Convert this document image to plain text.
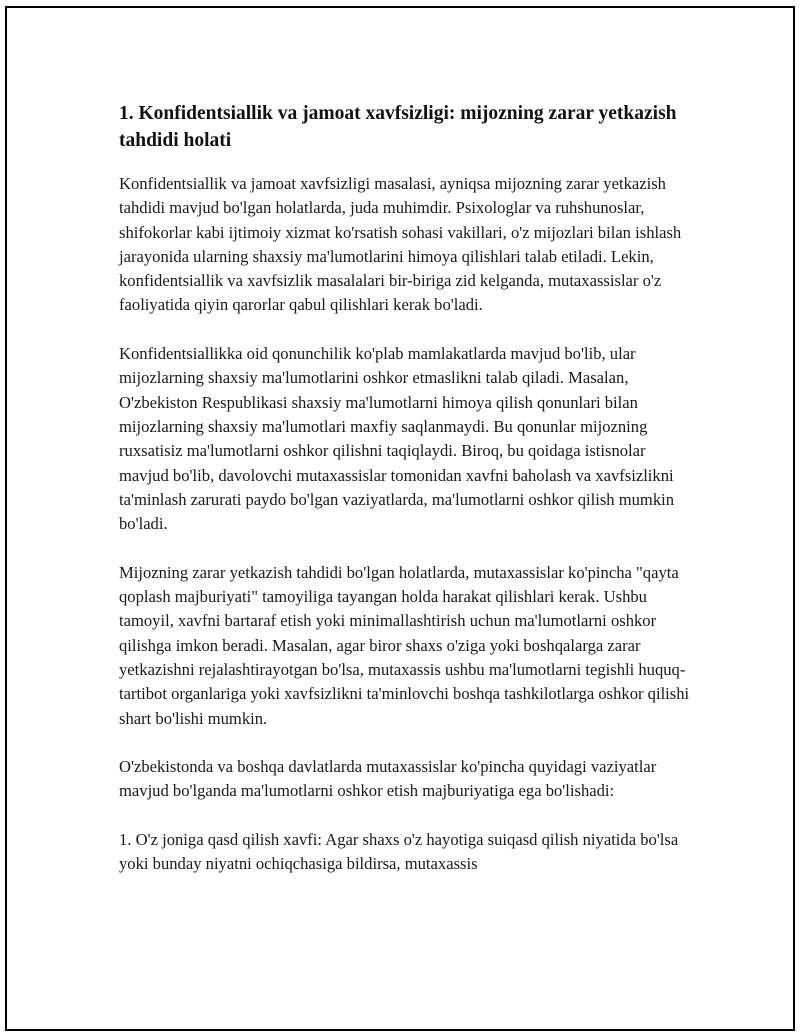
1. Konfidentsiallik va jamoat xavfsizligi: mijozning zarar yetkazish tahdidi holati

Konfidentsiallik va jamoat xavfsizligi masalasi, ayniqsa mijozning zarar yetkazish tahdidi mavjud bo'lgan holatlarda, juda muhimdir. Psixologlar va ruhshunoslar, shifokorlar kabi ijtimoiy xizmat ko'rsatish sohasi vakillari, o'z mijozlari bilan ishlash jarayonida ularning shaxsiy ma'lumotlarini himoya qilishlari talab etiladi. Lekin, konfidentsiallik va xavfsizlik masalalari bir-biriga zid kelganda, mutaxassislar o'z faoliyatida qiyin qarorlar qabul qilishlari kerak bo'ladi.

Konfidentsiallikka oid qonunchilik ko'plab mamlakatlarda mavjud bo'lib, ular mijozlarning shaxsiy ma'lumotlarini oshkor etmaslikni talab qiladi. Masalan, O'zbekiston Respublikasi shaxsiy ma'lumotlarni himoya qilish qonunlari bilan mijozlarning shaxsiy ma'lumotlari maxfiy saqlanmaydi. Bu qonunlar mijozning ruxsatisiz ma'lumotlarni oshkor qilishni taqiqlaydi. Biroq, bu qoidaga istisnolar mavjud bo'lib, davolovchi mutaxassislar tomonidan xavfni baholash va xavfsizlikni ta'minlash zarurati paydo bo'lgan vaziyatlarda, ma'lumotlarni oshkor qilish mumkin bo'ladi.

Mijozning zarar yetkazish tahdidi bo'lgan holatlarda, mutaxassislar ko'pincha "qayta qoplash majburiyati" tamoyiliga tayangan holda harakat qilishlari kerak. Ushbu tamoyil, xavfni bartaraf etish yoki minimallashtirish uchun ma'lumotlarni oshkor qilishga imkon beradi. Masalan, agar biror shaxs o'ziga yoki boshqalarga zarar yetkazishni rejalashtirayotgan bo'lsa, mutaxassis ushbu ma'lumotlarni tegishli huquq-tartibot organlariga yoki xavfsizlikni ta'minlovchi boshqa tashkilotlarga oshkor qilishi shart bo'lishi mumkin.

O'zbekistonda va boshqa davlatlarda mutaxassislar ko'pincha quyidagi vaziyatlar mavjud bo'lganda ma'lumotlarni oshkor etish majburiyatiga ega bo'lishadi:

1. O'z joniga qasd qilish xavfi: Agar shaxs o'z hayotiga suiqasd qilish niyatida bo'lsa yoki bunday niyatni ochiqchasiga bildirsa, mutaxassis
